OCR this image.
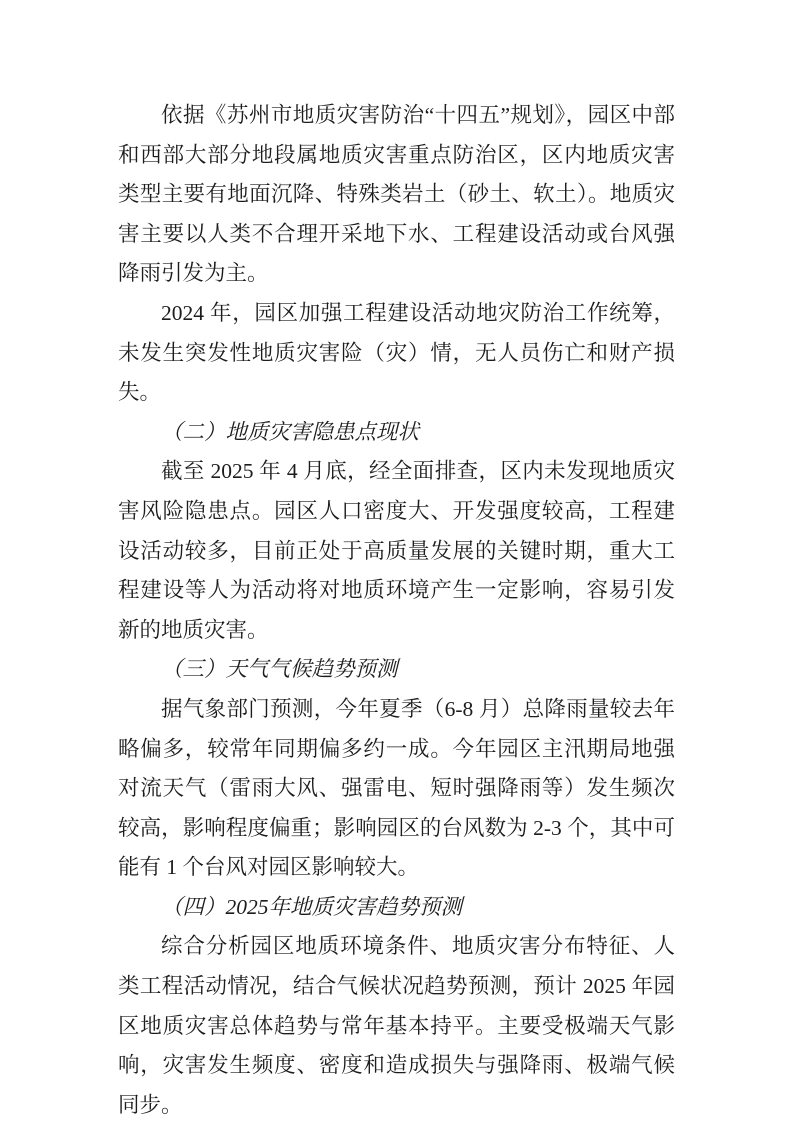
依据《苏州市地质灾害防治“十四五”规划》，园区中部和西部大部分地段属地质灾害重点防治区，区内地质灾害类型主要有地面沉降、特殊类岩土（砂土、软土）。地质灾害主要以人类不合理开采地下水、工程建设活动或台风强降雨引发为主。

2024 年，园区加强工程建设活动地灾防治工作统筹，未发生突发性地质灾害险（灾）情，无人员伤亡和财产损失。

（二）地质灾害隐患点现状

截至 2025 年 4 月底，经全面排查，区内未发现地质灾害风险隐患点。园区人口密度大、开发强度较高，工程建设活动较多，目前正处于高质量发展的关键时期，重大工程建设等人为活动将对地质环境产生一定影响，容易引发新的地质灾害。

（三）天气气候趋势预测

据气象部门预测，今年夏季（6-8 月）总降雨量较去年略偏多，较常年同期偏多约一成。今年园区主汛期局地强对流天气（雷雨大风、强雷电、短时强降雨等）发生频次较高，影响程度偏重；影响园区的台风数为 2-3 个，其中可能有 1 个台风对园区影响较大。

（四）2025年地质灾害趋势预测

综合分析园区地质环境条件、地质灾害分布特征、人类工程活动情况，结合气候状况趋势预测，预计 2025 年园区地质灾害总体趋势与常年基本持平。主要受极端天气影响，灾害发生频度、密度和造成损失与强降雨、极端气候同步。
